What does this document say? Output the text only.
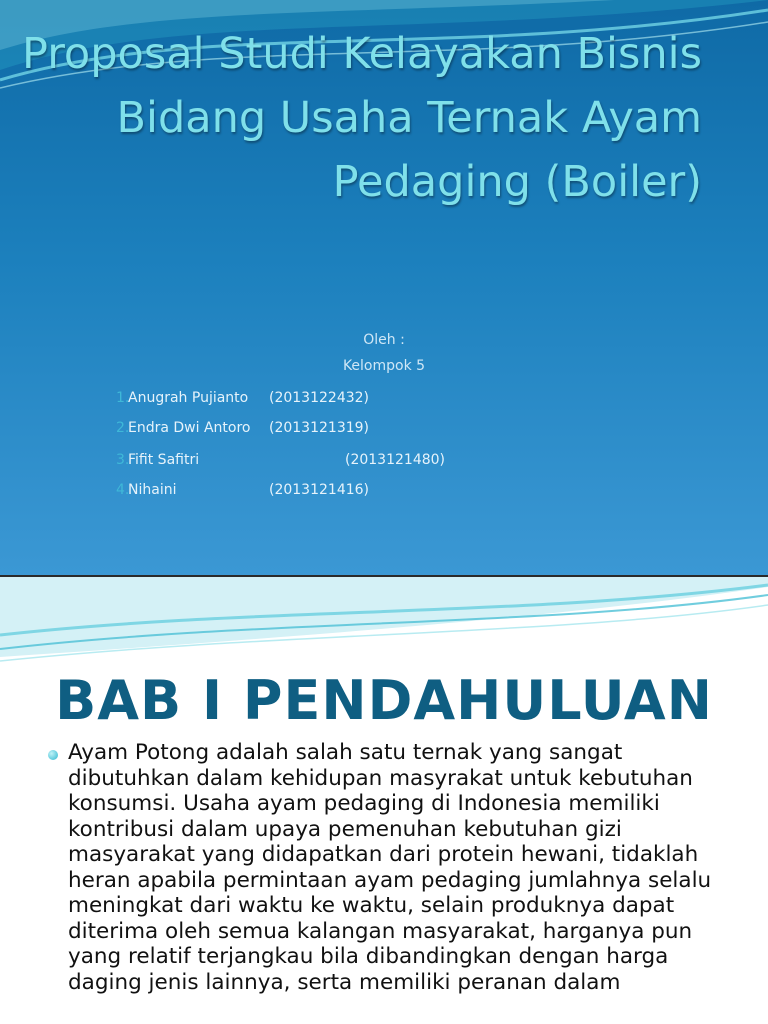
Proposal Studi Kelayakan Bisnis
Bidang Usaha Ternak Ayam
Pedaging (Boiler)
Oleh :
Kelompok 5
1.
Anugrah Pujianto (2013122432)
2.
Endra Dwi Antoro (2013121319)
3.
Fifit Safitri	(2013121480)
4.
Nihaini	(2013121416)
BAB I PENDAHULUAN

Ayam Potong adalah salah satu ternak yang sangat dibutuhkan dalam kehidupan masyrakat untuk kebutuhan konsumsi. Usaha ayam pedaging di Indonesia memiliki kontribusi dalam upaya pemenuhan kebutuhan gizi masyarakat yang didapatkan dari protein hewani, tidaklah heran apabila permintaan ayam pedaging jumlahnya selalu meningkat dari waktu ke waktu, selain produknya dapat diterima oleh semua kalangan masyarakat, harganya pun yang relatif terjangkau bila dibandingkan dengan harga daging jenis lainnya, serta memiliki peranan dalam
